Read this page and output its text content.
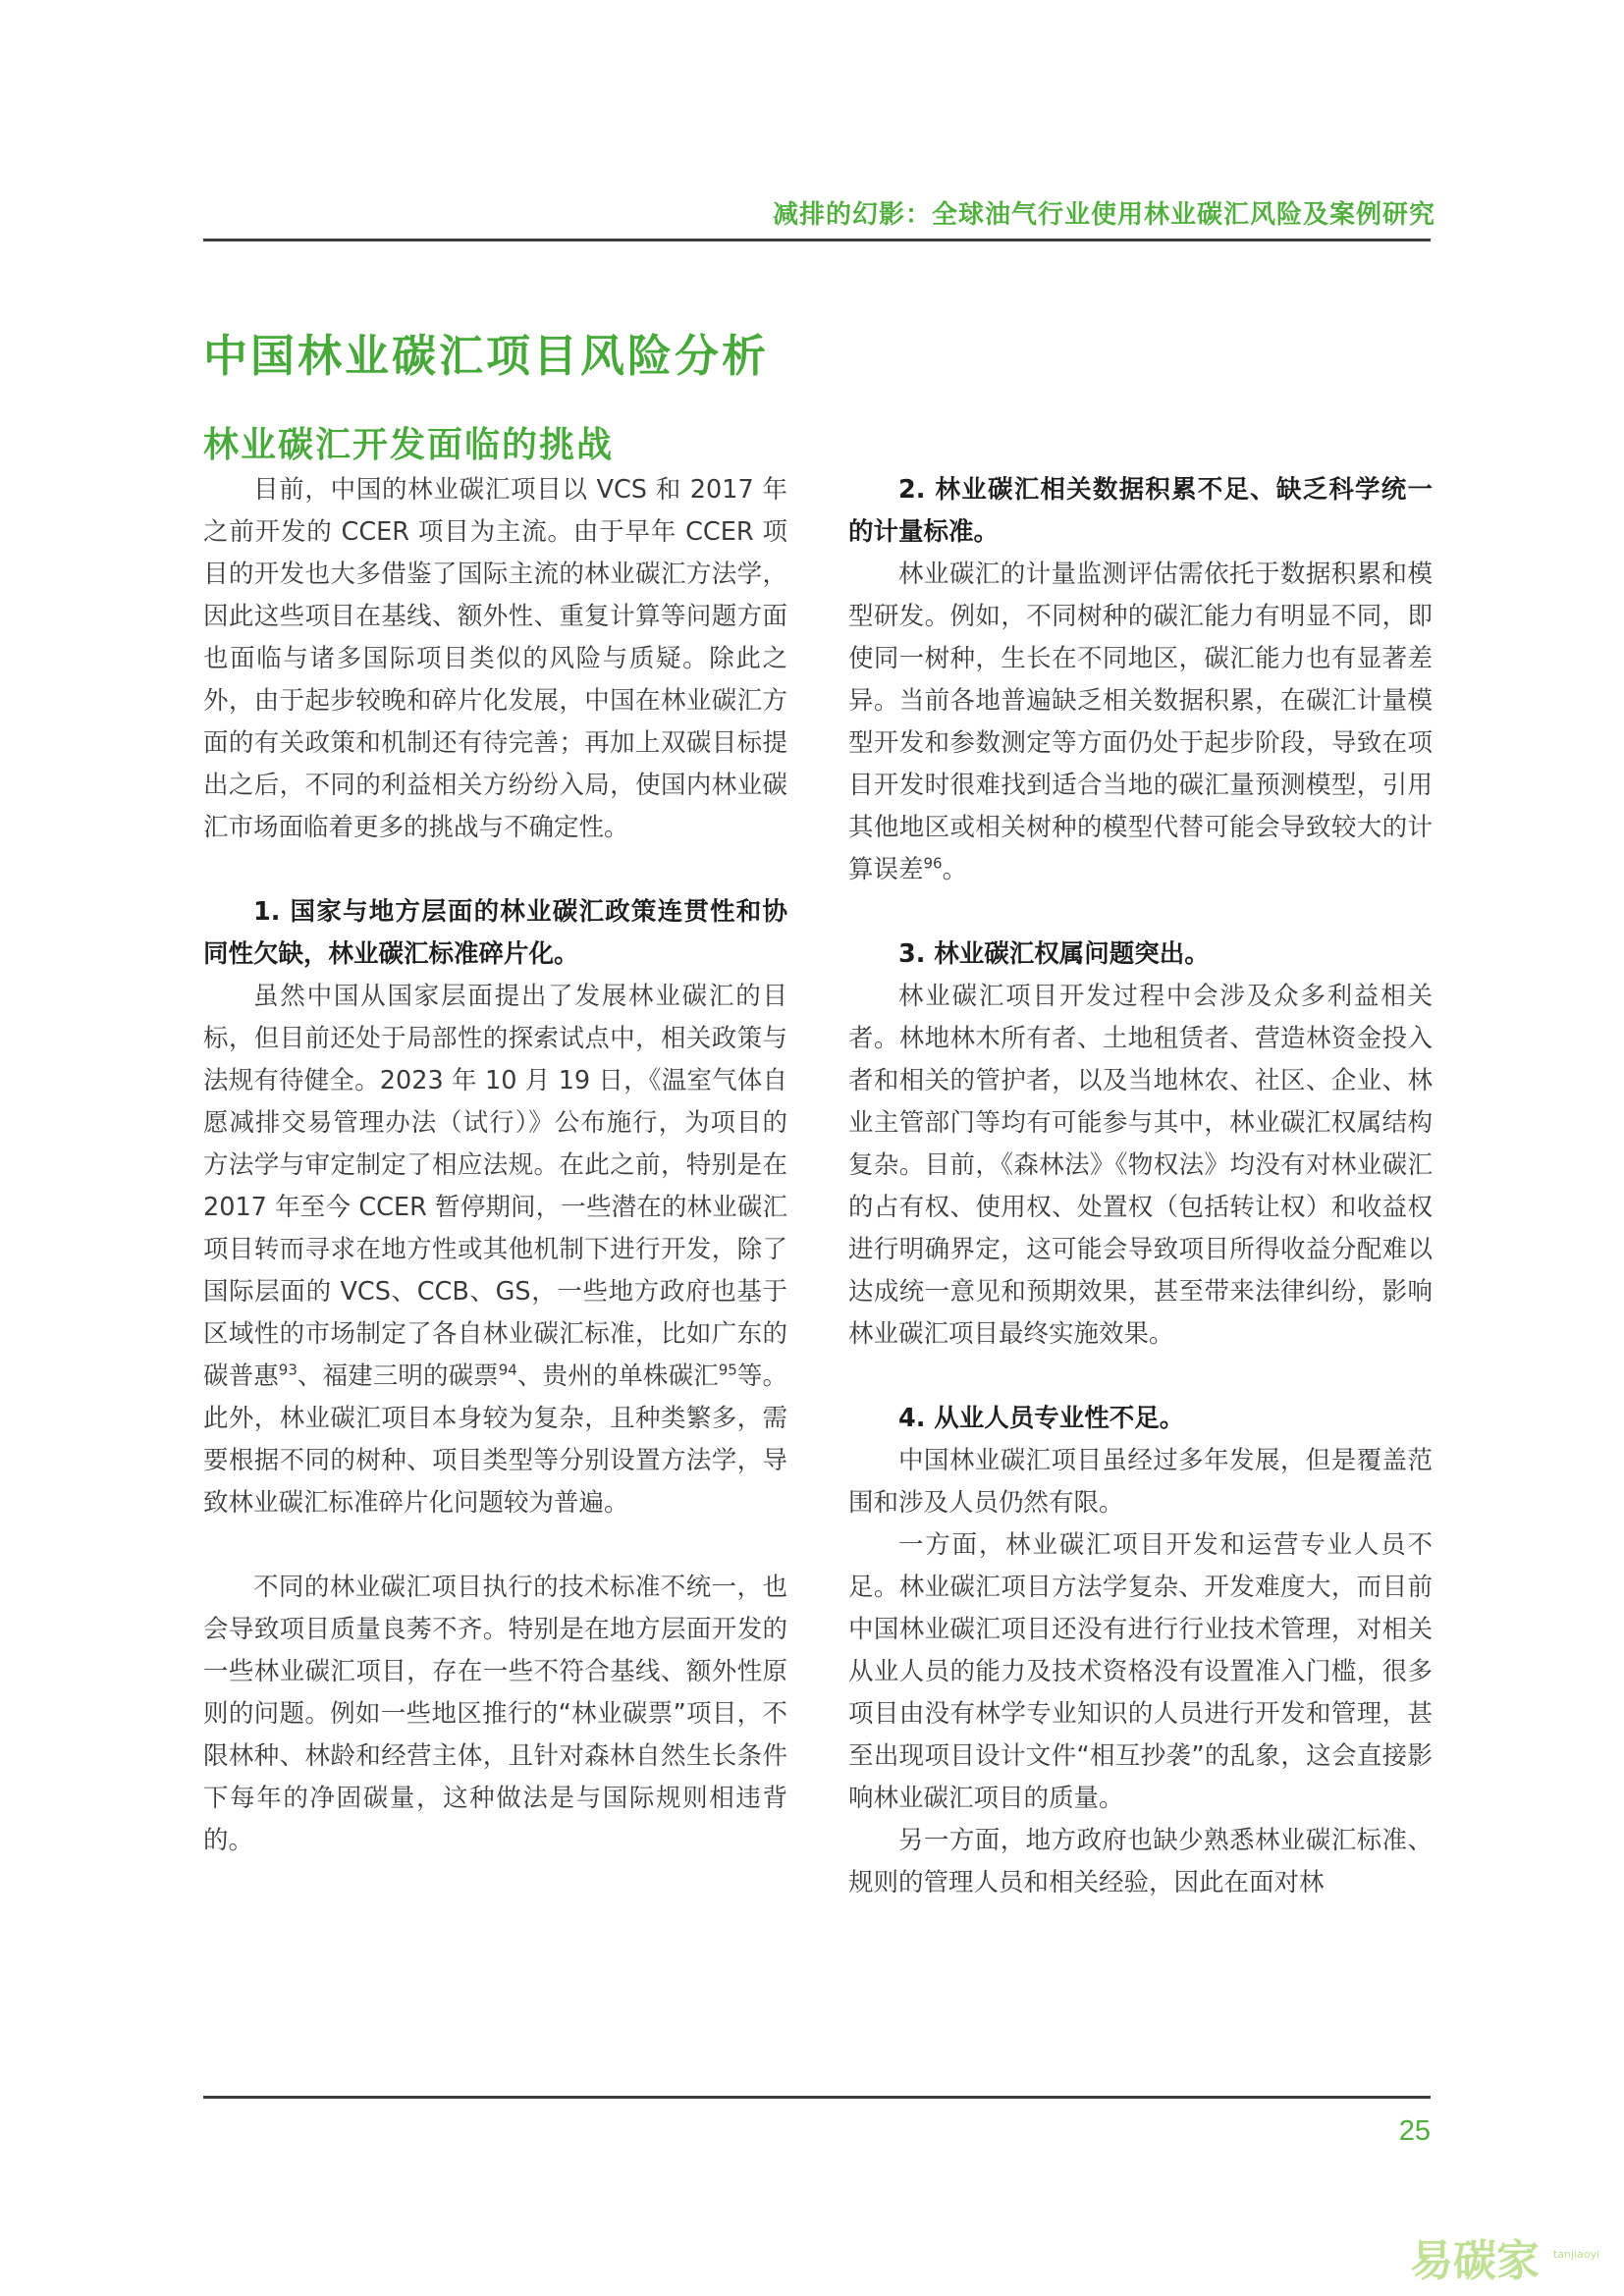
减排的幻影：全球油气行业使用林业碳汇风险及案例研究
中国林业碳汇项目风险分析
林业碳汇开发面临的挑战

目前，中国的林业碳汇项目以 VCS 和 2017 年之前开发的 CCER 项目为主流。由于早年 CCER 项目的开发也大多借鉴了国际主流的林业碳汇方法学，因此这些项目在基线、额外性、重复计算等问题方面也面临与诸多国际项目类似的风险与质疑。除此之外，由于起步较晚和碎片化发展，中国在林业碳汇方面的有关政策和机制还有待完善；再加上双碳目标提出之后，不同的利益相关方纷纷入局，使国内林业碳汇市场面临着更多的挑战与不确定性。

1. 国家与地方层面的林业碳汇政策连贯性和协同性欠缺，林业碳汇标准碎片化。

虽然中国从国家层面提出了发展林业碳汇的目标，但目前还处于局部性的探索试点中，相关政策与法规有待健全。2023 年 10 月 19 日，《温室气体自愿减排交易管理办法（试行）》公布施行，为项目的方法学与审定制定了相应法规。在此之前，特别是在 2017 年至今 CCER 暂停期间，一些潜在的林业碳汇项目转而寻求在地方性或其他机制下进行开发，除了国际层面的 VCS、CCB、GS，一些地方政府也基于区域性的市场制定了各自林业碳汇标准，比如广东的碳普惠$^{93}$、福建三明的碳票$^{94}$、贵州的单株碳汇$^{95}$等。此外，林业碳汇项目本身较为复杂，且种类繁多，需要根据不同的树种、项目类型等分别设置方法学，导致林业碳汇标准碎片化问题较为普遍。

不同的林业碳汇项目执行的技术标准不统一，也会导致项目质量良莠不齐。特别是在地方层面开发的一些林业碳汇项目，存在一些不符合基线、额外性原则的问题。例如一些地区推行的“林业碳票”项目，不限林种、林龄和经营主体，且针对森林自然生长条件下每年的净固碳量，这种做法是与国际规则相违背的。

2. 林业碳汇相关数据积累不足、缺乏科学统一的计量标准。

林业碳汇的计量监测评估需依托于数据积累和模型研发。例如，不同树种的碳汇能力有明显不同，即使同一树种，生长在不同地区，碳汇能力也有显著差异。当前各地普遍缺乏相关数据积累，在碳汇计量模型开发和参数测定等方面仍处于起步阶段，导致在项目开发时很难找到适合当地的碳汇量预测模型，引用其他地区或相关树种的模型代替可能会导致较大的计算误差$^{96}$。

3. 林业碳汇权属问题突出。

林业碳汇项目开发过程中会涉及众多利益相关者。林地林木所有者、土地租赁者、营造林资金投入者和相关的管护者，以及当地林农、社区、企业、林业主管部门等均有可能参与其中，林业碳汇权属结构复杂。目前，《森林法》《物权法》均没有对林业碳汇的占有权、使用权、处置权（包括转让权）和收益权进行明确界定，这可能会导致项目所得收益分配难以达成统一意见和预期效果，甚至带来法律纠纷，影响林业碳汇项目最终实施效果。

4. 从业人员专业性不足。

中国林业碳汇项目虽经过多年发展，但是覆盖范围和涉及人员仍然有限。

一方面，林业碳汇项目开发和运营专业人员不足。林业碳汇项目方法学复杂、开发难度大，而目前中国林业碳汇项目还没有进行行业技术管理，对相关从业人员的能力及技术资格没有设置准入门槛，很多项目由没有林学专业知识的人员进行开发和管理，甚至出现项目设计文件“相互抄袭”的乱象，这会直接影响林业碳汇项目的质量。

另一方面，地方政府也缺少熟悉林业碳汇标准、规则的管理人员和相关经验，因此在面对林

25
易碳家 tanjiaoyi
